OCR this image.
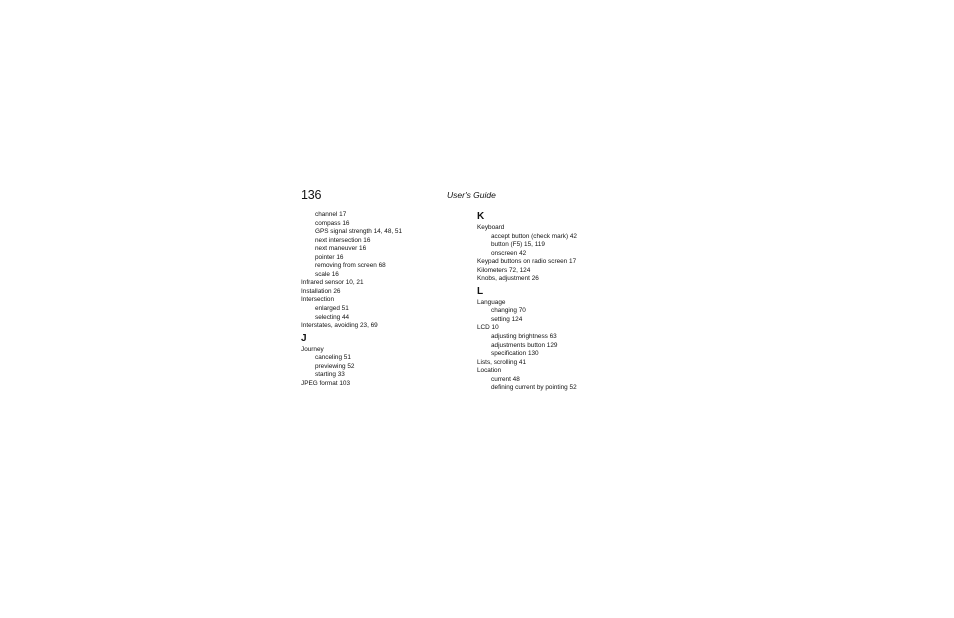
136	User's Guide
channel 17
compass 16
GPS signal strength 14, 48, 51
next intersection 16
next maneuver 16
pointer 16
removing from screen 68
scale 16
Infrared sensor 10, 21
Installation 26
Intersection
enlarged 51
selecting 44
Interstates, avoiding 23, 69
J
Journey
canceling 51
previewing 52
starting 33
JPEG format 103
K
Keyboard
accept button (check mark) 42
button (F5) 15, 119
onscreen 42
Keypad buttons on radio screen 17
Kilometers 72, 124
Knobs, adjustment 26
L
Language
changing 70
setting 124
LCD 10
adjusting brightness 63
adjustments button 129
specification 130
Lists, scrolling 41
Location
current 48
defining current by pointing 52
